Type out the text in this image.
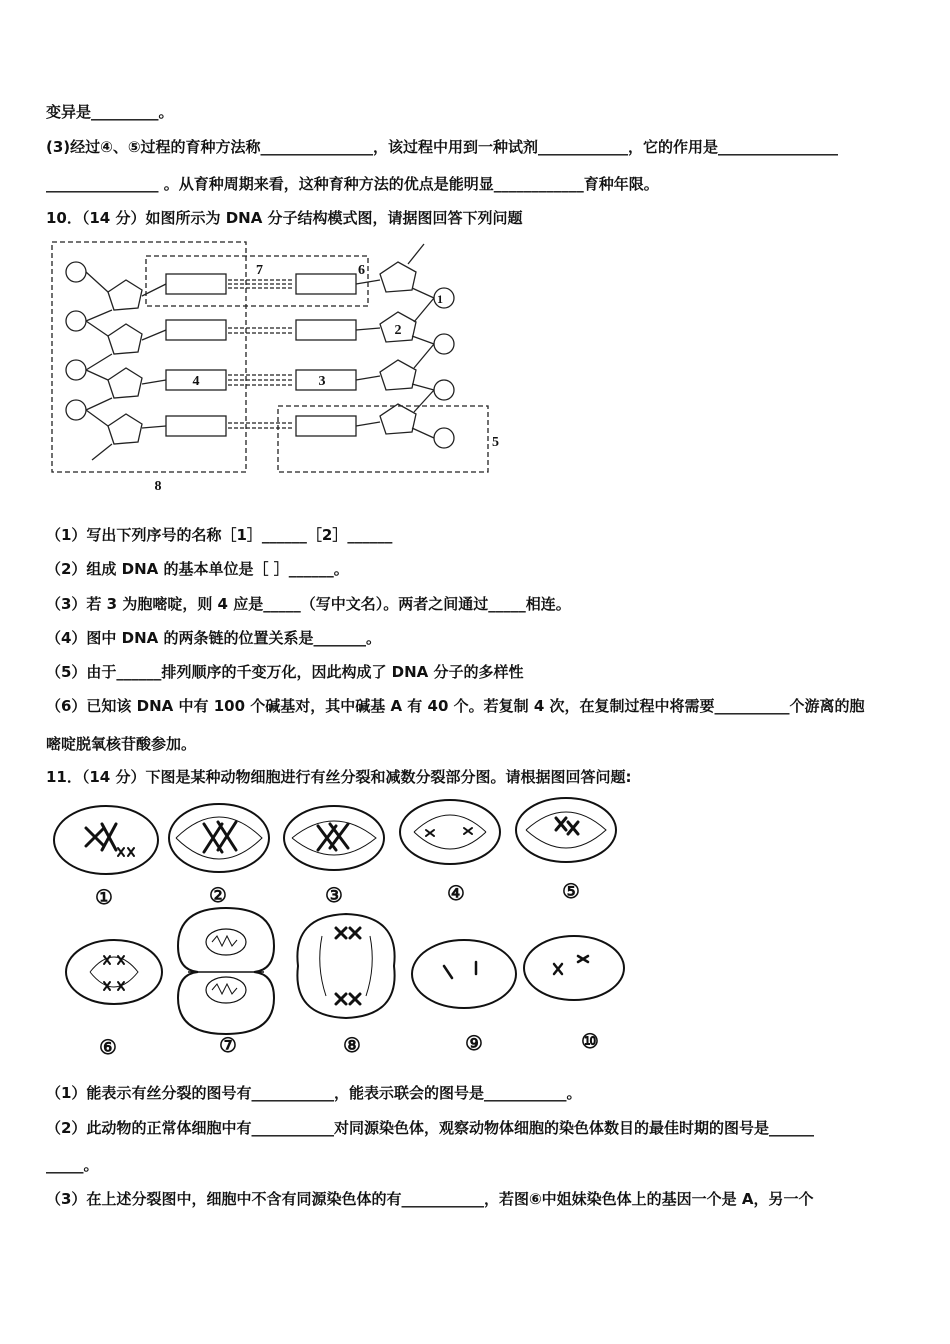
变异是_________。
(3)经过④、⑤过程的育种方法称_______________，该过程中用到一种试剂____________，它的作用是________________
_______________ 。从育种周期来看，这种育种方法的优点是能明显____________育种年限。
10．（14 分）如图所示为 DNA 分子结构模式图，请据图回答下列问题
7	6
1
2
4	3
5
8
（1）写出下列序号的名称［1］______［2］______
（2）组成 DNA 的基本单位是［ ］______。
（3）若 3 为胞嘧啶，则 4 应是_____（写中文名）。两者之间通过_____相连。
（4）图中 DNA 的两条链的位置关系是_______。
（5）由于______排列顺序的千变万化，因此构成了 DNA 分子的多样性
（6）已知该 DNA 中有 100 个碱基对，其中碱基 A 有 40 个。若复制 4 次，在复制过程中将需要__________个游离的胞
嘧啶脱氧核苷酸参加。
11．（14 分）下图是某种动物细胞进行有丝分裂和减数分裂部分图。请根据图回答问题:
①	②	③	④	⑤
⑥	⑦	⑧	⑨	⑩
（1）能表示有丝分裂的图号有___________，能表示联会的图号是___________。
（2）此动物的正常体细胞中有___________对同源染色体，观察动物体细胞的染色体数目的最佳时期的图号是______
_____。
（3）在上述分裂图中，细胞中不含有同源染色体的有___________，若图⑥中姐妹染色体上的基因一个是 A，另一个
